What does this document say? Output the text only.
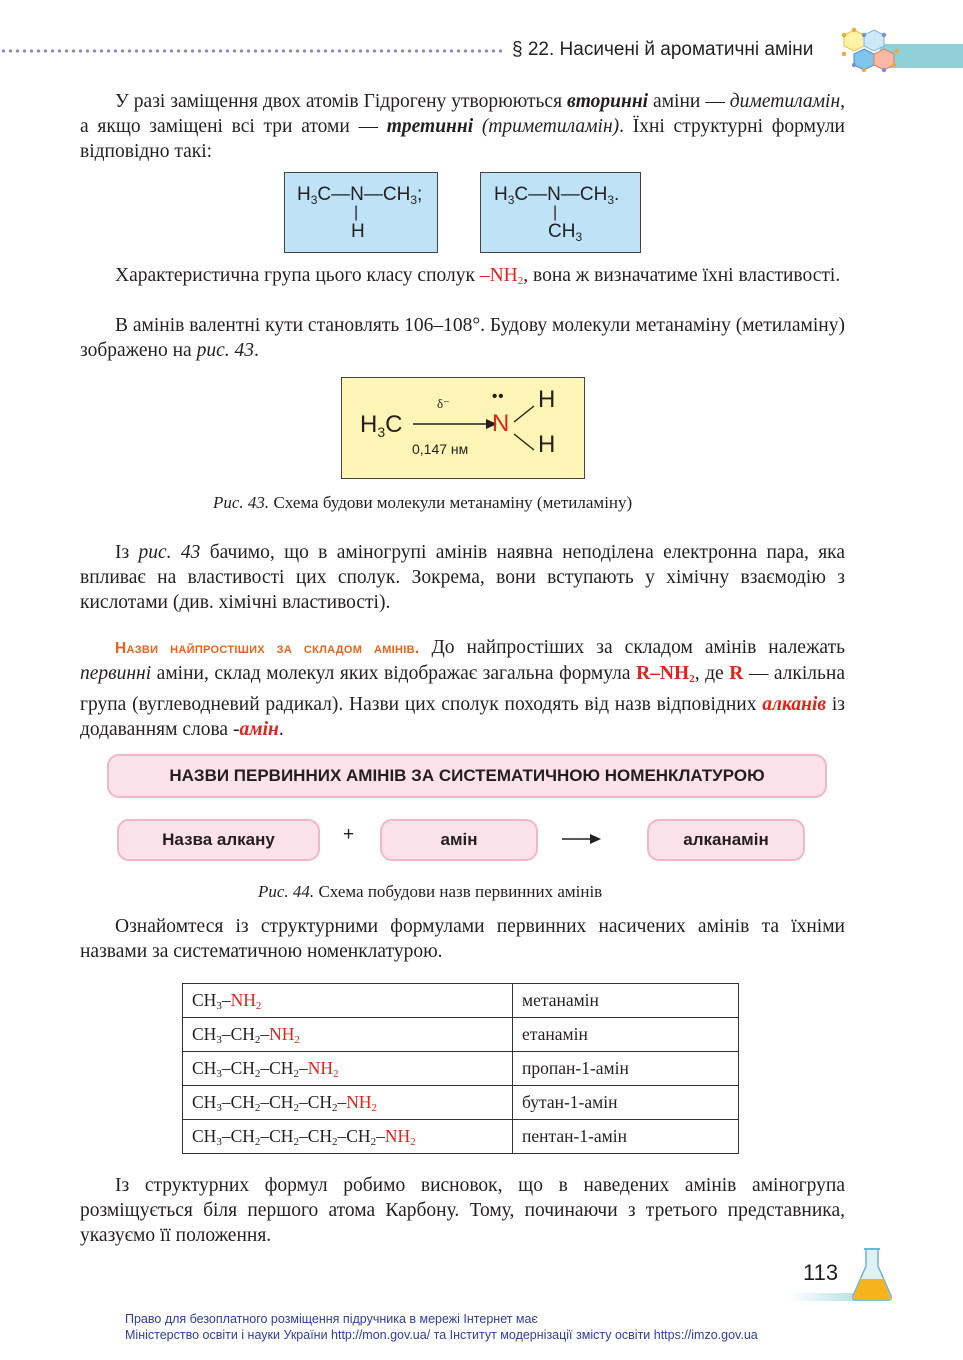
§ 22. Насичені й ароматичні аміни
У разі заміщення двох атомів Гідрогену утворюються вторинні аміни — диметиламін, а якщо заміщені всі три атоми — третинні (триметиламін). Їхні структурні формули відповідно такі:
$H_3C—N—CH_3$;
|
H
$H_3C—N—CH_3$.
|
$CH_3$
Характеристична група цього класу сполук –NH2, вона ж визначатиме їхні властивості.
В амінів валентні кути становлять 106–108°. Будову молекули метанаміну (метиламіну) зображено на рис. 43.
$H_3C$
δ⁻
0,147 нм
••
N
H
H
Рис. 43. Схема будови молекули метанаміну (метиламіну)
Із рис. 43 бачимо, що в аміногрупі амінів наявна неподілена електронна пара, яка впливає на властивості цих сполук. Зокрема, вони вступають у хімічну взаємодію з кислотами (див. хімічні властивості).
Назви найпростіших за складом амінів. До найпростіших за складом амінів належать первинні аміни, склад молекул яких відображає загальна формула R–NH2, де R — алкільна група (вуглеводневий радикал). Назви цих сполук походять від назв відповідних алканів із додаванням слова -амін.
НАЗВИ ПЕРВИННИХ АМІНІВ ЗА СИСТЕМАТИЧНОЮ НОМЕНКЛАТУРОЮ
Назва алкану	+	амін	алканамін
Рис. 44. Схема побудови назв первинних амінів
Ознайомтеся із структурними формулами первинних насичених амінів та їхніми назвами за систематичною номенклатурою.
CH3–NH2	метанамін
CH3–CH2–NH2	етанамін
CH3–CH2–CH2–NH2	пропан-1-амін
CH3–CH2–CH2–CH2–NH2	бутан-1-амін
CH3–CH2–CH2–CH2–CH2–NH2	пентан-1-амін
Із структурних формул робимо висновок, що в наведених амінів аміногрупа розміщується біля першого атома Карбону. Тому, починаючи з третього представника, указуємо її положення.
113
Право для безоплатного розміщення підручника в мережі Інтернет має
Міністерство освіти і науки України http://mon.gov.ua/ та Інститут модернізації змісту освіти https://imzo.gov.ua
